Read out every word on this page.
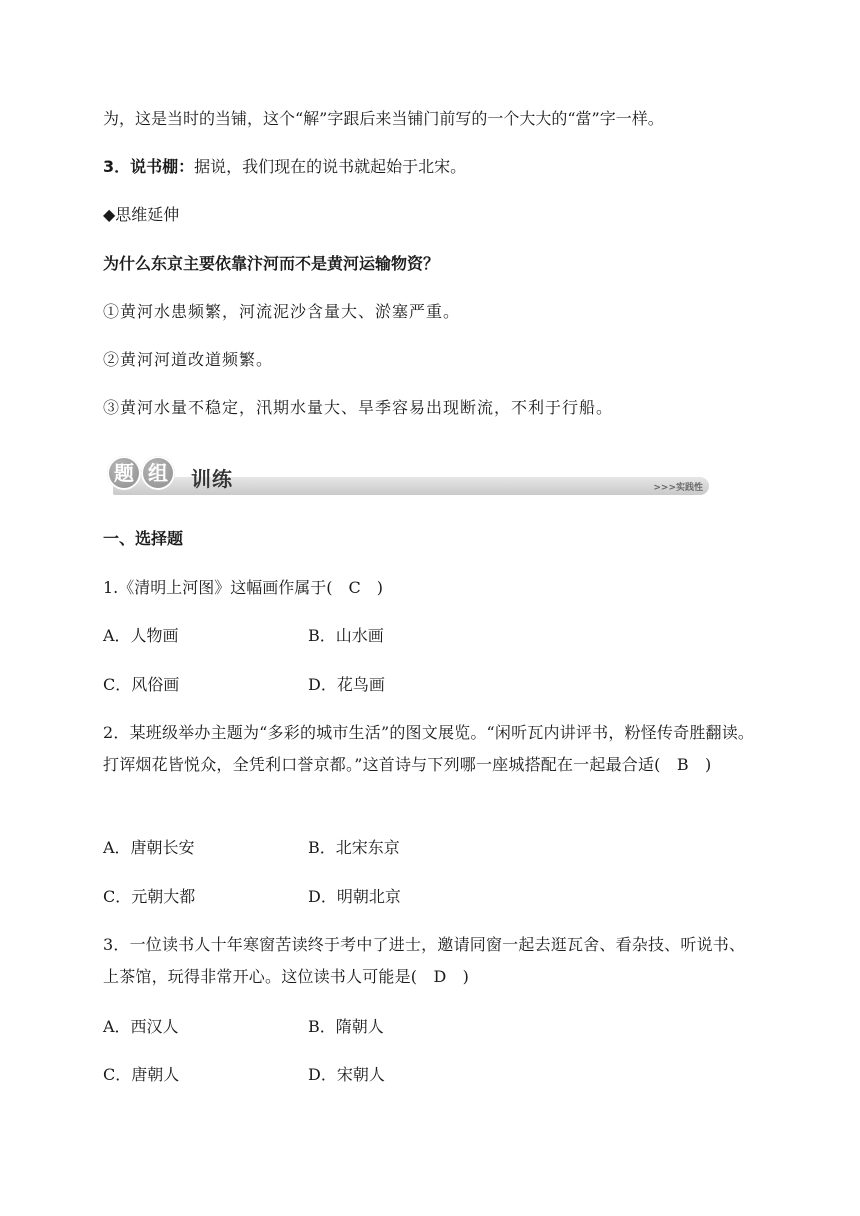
为，这是当时的当铺，这个“解”字跟后来当铺门前写的一个大大的“當”字一样。
3．说书棚：据说，我们现在的说书就起始于北宋。
◆思维延伸
为什么东京主要依靠汴河而不是黄河运输物资？
①黄河水患频繁，河流泥沙含量大、淤塞严重。
②黄河河道改道频繁。
③黄河水量不稳定，汛期水量大、旱季容易出现断流，不利于行船。
>>>实践性
题 组	训练
一、选择题
1.《清明上河图》这幅画作属于(　C　)
A．人物画	B．山水画
C．风俗画	D．花鸟画
2．某班级举办主题为“多彩的城市生活”的图文展览。“闲听瓦内讲评书，粉怪传奇胜翻读。打诨烟花皆悦众，全凭利口誉京都。”这首诗与下列哪一座城搭配在一起最合适(　B　)
A．唐朝长安	B．北宋东京
C．元朝大都	D．明朝北京
3．一位读书人十年寒窗苦读终于考中了进士，邀请同窗一起去逛瓦舍、看杂技、听说书、上茶馆，玩得非常开心。这位读书人可能是(　D　)
A．西汉人	B．隋朝人
C．唐朝人	D．宋朝人
